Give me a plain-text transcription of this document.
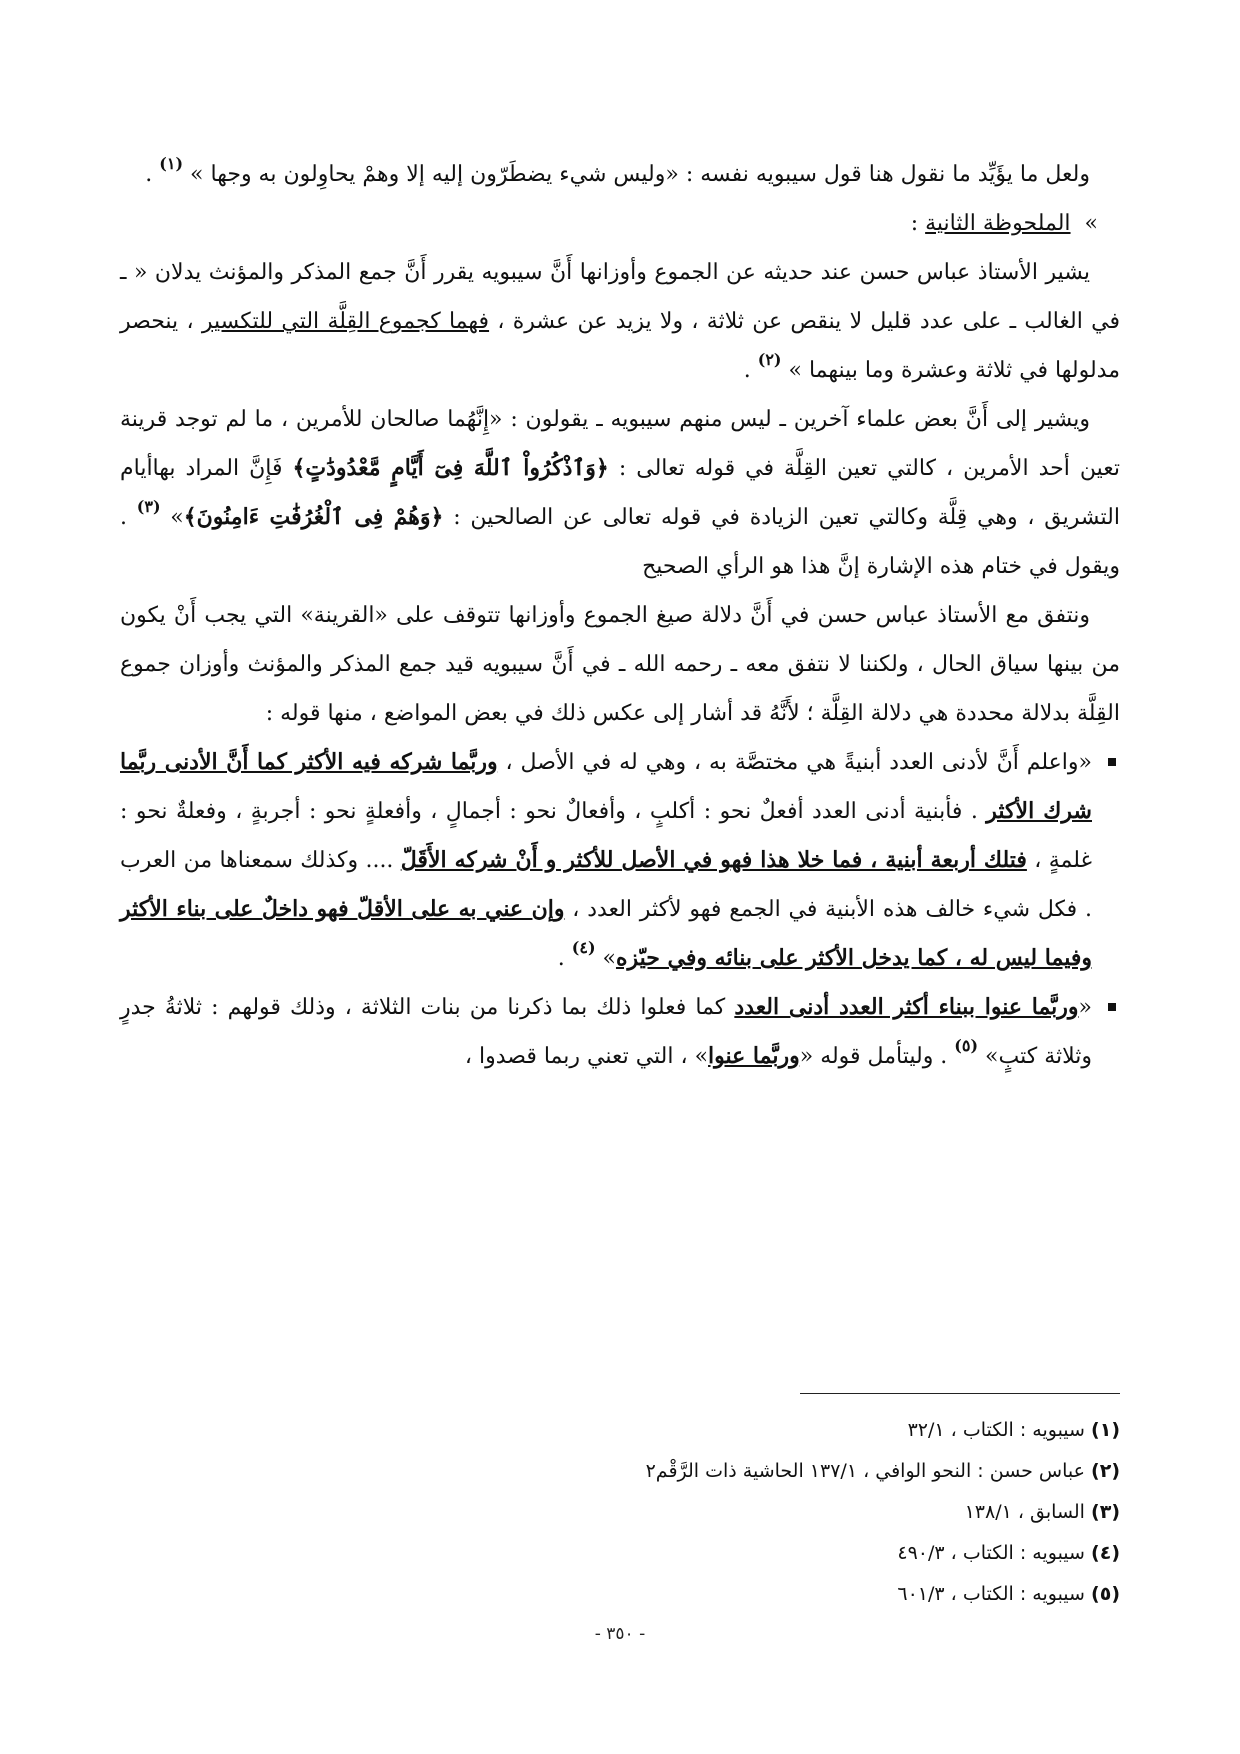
ولعل ما يؤَيِّد ما نقول هنا قول سيبويه نفسه : «وليس شيء يضطَرّون إليه إلا وهمْ يحاوِلون به وجها » $^{(١)}$ .

»  الملحوظة الثانية :

يشير الأستاذ عباس حسن عند حديثه عن الجموع وأوزانها أَنَّ سيبويه يقرر أَنَّ جمع المذكر والمؤنث يدلان « ـ في الغالب ـ على عدد قليل لا ينقص عن ثلاثة ، ولا يزيد عن عشرة ، فهما كجموع القِلَّة التي للتكسير ، ينحصر مدلولها في ثلاثة وعشرة وما بينهما » $^{(٢)}$ .

ويشير إلى أَنَّ بعض علماء آخرين ـ ليس منهم سيبويه ـ يقولون : «إِنَّهُما صالحان للأمرين ، ما لم توجد قرينة تعين أحد الأمرين ، كالتي تعين القِلَّة في قوله تعالى : ﴿وَٱذْكُرُواْ ٱللَّهَ فِىٓ أَيَّامٍ مَّعْدُودَٰتٍ﴾ فَإِنَّ المراد بهاأيام التشريق ، وهي قِلَّة وكالتي تعين الزيادة في قوله تعالى عن الصالحين : ﴿وَهُمْ فِى ٱلْغُرُفَٰتِ ءَامِنُونَ﴾» $^{(٣)}$ . ويقول في ختام هذه الإشارة إنَّ هذا هو الرأي الصحيح

ونتفق مع الأستاذ عباس حسن في أَنَّ دلالة صيغ الجموع وأوزانها تتوقف على «القرينة» التي يجب أَنْ يكون من بينها سياق الحال ، ولكننا لا نتفق معه ـ رحمه الله ـ في أَنَّ سيبويه قيد جمع المذكر والمؤنث وأوزان جموع القِلَّة بدلالة محددة هي دلالة القِلَّة ؛ لأَنَّهُ قد أشار إلى عكس ذلك في بعض المواضع ، منها قوله :

«واعلم أَنَّ لأدنى العدد أبنيةً هي مختصَّة به ، وهي له في الأصل ، وربَّما شركه فيه الأكثر كما أَنَّ الأدنى ربَّما شرك الأكثر . فأبنية أدنى العدد أفعلٌ نحو : أكلبٍ ، وأفعالٌ نحو : أجمالٍ ، وأفعلةٍ نحو : أجربةٍ ، وفعلةٌ نحو : غلمةٍ ، فتلك أربعة أبنية ، فما خلا هذا فهو في الأصل للأكثر و أَنْ شركه الأَقَلّ .... وكذلك سمعناها من العرب . فكل شيء خالف هذه الأبنية في الجمع فهو لأكثر العدد ، وإن عني به على الأقلّ فهو داخلٌ على بناء الأكثر وفيما ليس له ، كما يدخل الأكثر على بنائه وفي حيّزه» $^{(٤)}$ .
«وربَّما عنوا ببناء أكثر العدد أدنى العدد كما فعلوا ذلك بما ذكرنا من بنات الثلاثة ، وذلك قولهم : ثلاثةُ جدرٍ وثلاثة كتبٍ» $^{(٥)}$ . وليتأمل قوله «وربَّما عنوا» ، التي تعني ربما قصدوا ،
(١) سيبويه : الكتاب ، ٣٢/١
(٢) عباس حسن : النحو الوافي ، ١٣٧/١ الحاشية ذات الرَّقْم٢
(٣) السابق ، ١٣٨/١
(٤) سيبويه : الكتاب ، ٤٩٠/٣
(٥) سيبويه : الكتاب ، ٦٠١/٣
- ٣٥٠ -
